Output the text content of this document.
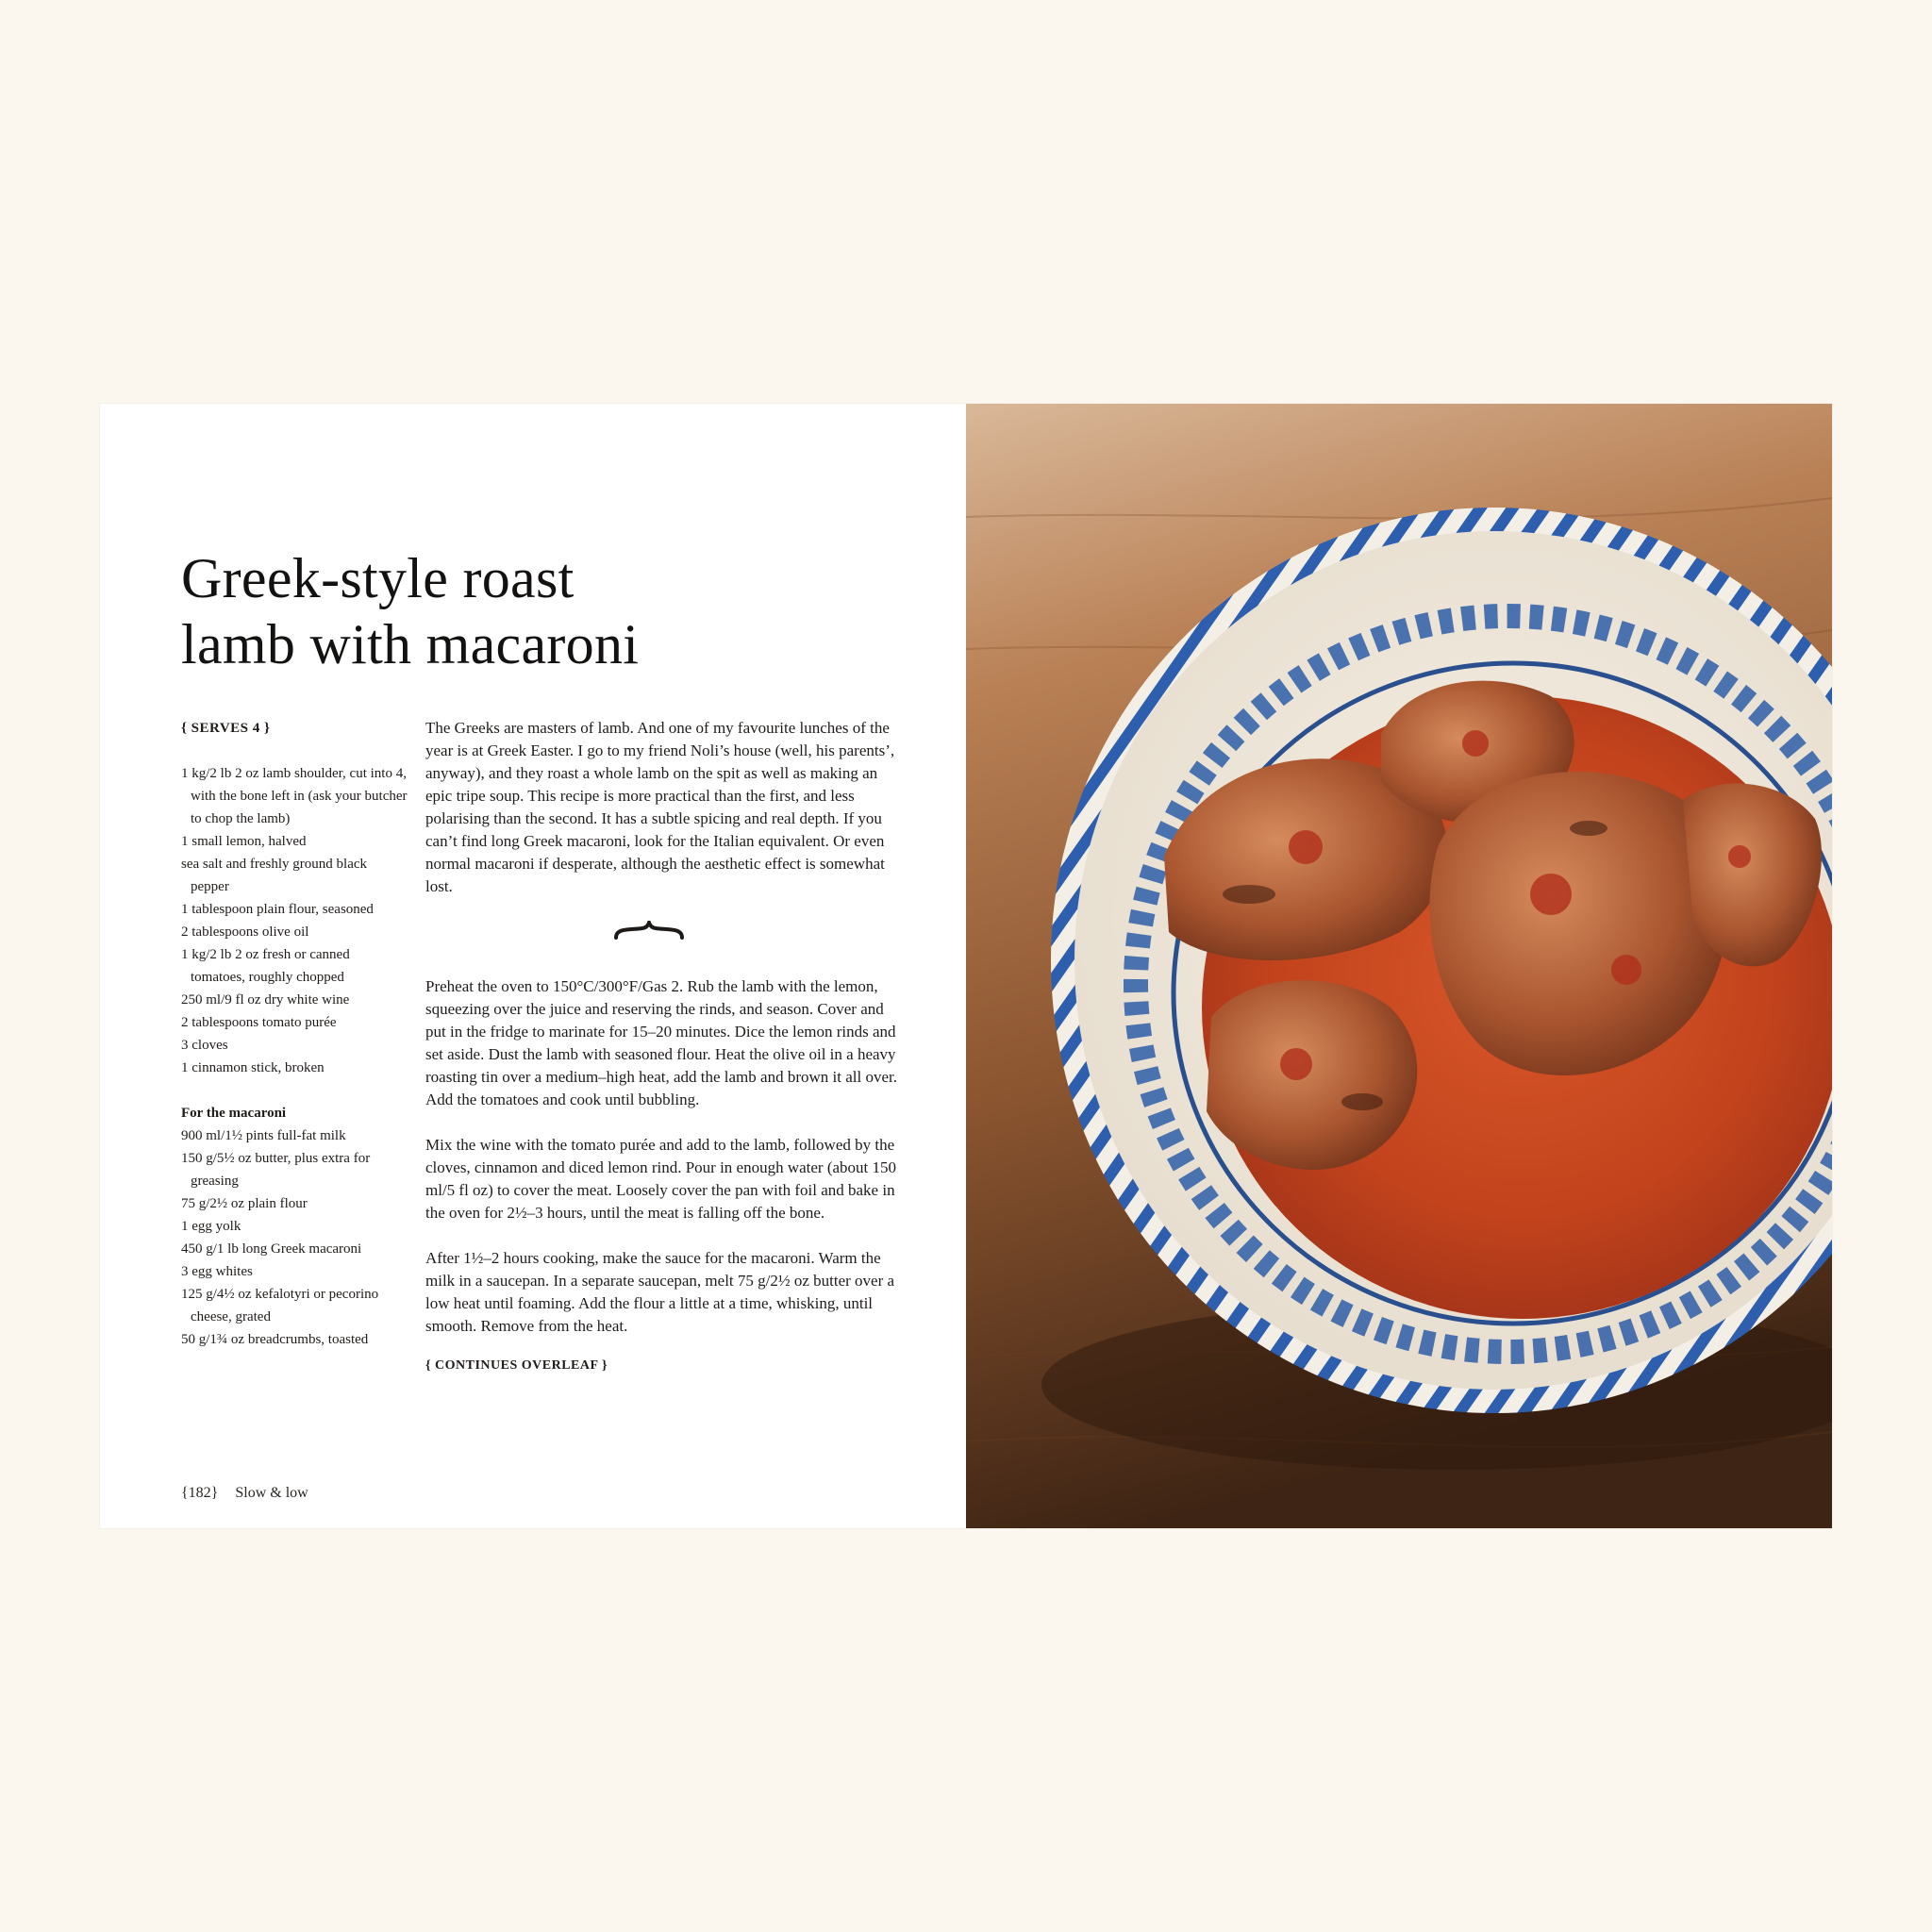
Greek-style roast
lamb with macaroni
{ SERVES 4 }
1 kg/2 lb 2 oz lamb shoulder, cut into 4, with the bone left in (ask your butcher to chop the lamb)
1 small lemon, halved
sea salt and freshly ground black pepper
1 tablespoon plain flour, seasoned
2 tablespoons olive oil
1 kg/2 lb 2 oz fresh or canned tomatoes, roughly chopped
250 ml/9 fl oz dry white wine
2 tablespoons tomato purée
3 cloves
1 cinnamon stick, broken
For the macaroni
900 ml/1½ pints full-fat milk
150 g/5½ oz butter, plus extra for greasing
75 g/2½ oz plain flour
1 egg yolk
450 g/1 lb long Greek macaroni
3 egg whites
125 g/4½ oz kefalotyri or pecorino cheese, grated
50 g/1¾ oz breadcrumbs, toasted

The Greeks are masters of lamb. And one of my favourite lunches of the year is at Greek Easter. I go to my friend Noli’s house (well, his parents’, anyway), and they roast a whole lamb on the spit as well as making an epic tripe soup. This recipe is more practical than the first, and less polarising than the second. It has a subtle spicing and real depth. If you can’t find long Greek macaroni, look for the Italian equivalent. Or even normal macaroni if desperate, although the aesthetic effect is somewhat lost.

Preheat the oven to 150°C/300°F/Gas 2. Rub the lamb with the lemon, squeezing over the juice and reserving the rinds, and season. Cover and put in the fridge to marinate for 15–20 minutes. Dice the lemon rinds and set aside. Dust the lamb with seasoned flour. Heat the olive oil in a heavy roasting tin over a medium–high heat, add the lamb and brown it all over. Add the tomatoes and cook until bubbling.

Mix the wine with the tomato purée and add to the lamb, followed by the cloves, cinnamon and diced lemon rind. Pour in enough water (about 150 ml/5 fl oz) to cover the meat. Loosely cover the pan with foil and bake in the oven for 2½–3 hours, until the meat is falling off the bone.

After 1½–2 hours cooking, make the sauce for the macaroni. Warm the milk in a saucepan. In a separate saucepan, melt 75 g/2½ oz butter over a low heat until foaming. Add the flour a little at a time, whisking, until smooth. Remove from the heat.

{ CONTINUES OVERLEAF }
{182} Slow & low
